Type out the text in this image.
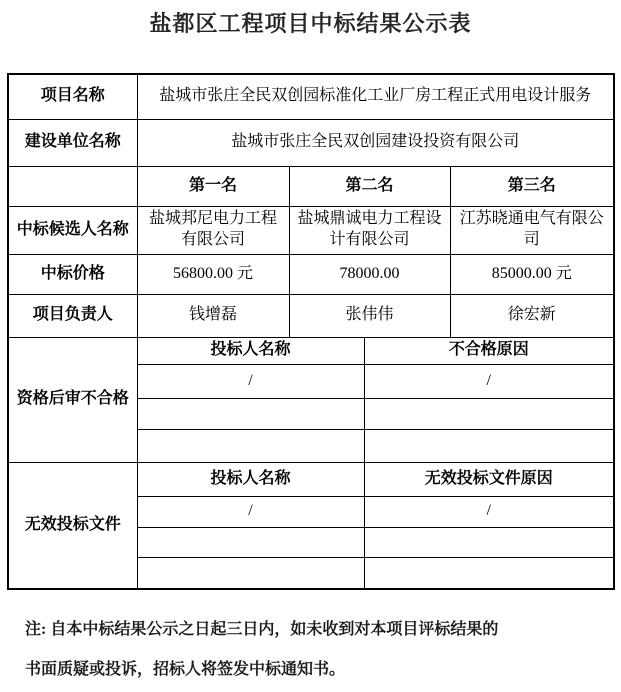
盐都区工程项目中标结果公示表
项目名称	盐城市张庄全民双创园标准化工业厂房工程正式用电设计服务			
建设单位名称	盐城市张庄全民双创园建设投资有限公司			
	第一名	第二名		第三名
中标候选人名称	盐城邦尼电力工程有限公司	盐城鼎诚电力工程设计有限公司		江苏晓通电气有限公司
中标价格	56800.00 元	78000.00		85000.00 元
项目负责人	钱增磊	张伟伟		徐宏新
资格后审不合格	投标人名称		不合格原因	
	/		/	

无效投标文件	投标人名称		无效投标文件原因	
	/		/	

注: 自本中标结果公示之日起三日内，如未收到对本项目评标结果的
书面质疑或投诉，招标人将签发中标通知书。
